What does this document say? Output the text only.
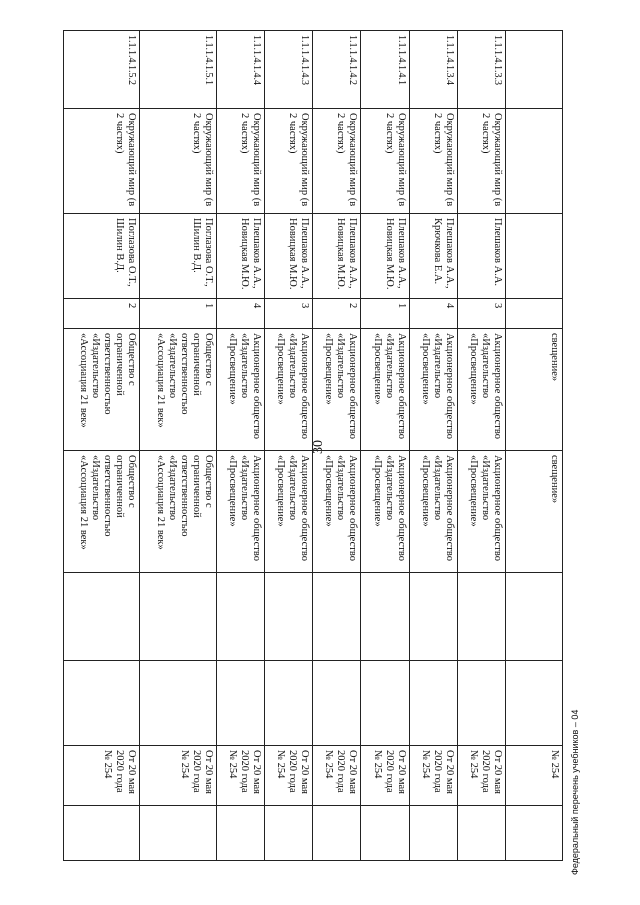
30
				свещение»	свещение»			№ 254	
1.1.1.4.1.3.3	Окружающий мир (в 2 частях)	Плешаков А.А.	3	Акционерное общество «Издательство «Просвещение»	Акционерное общество «Издательство «Просвещение»			От 20 мая 2020 года № 254	
1.1.1.4.1.3.4	Окружающий мир (в 2 частях)	Плешаков А.А., Крючкова Е.А.	4	Акционерное общество «Издательство «Просвещение»	Акционерное общество «Издательство «Просвещение»			От 20 мая 2020 года № 254	
1.1.1.4.1.4.1	Окружающий мир (в 2 частях)	Плешаков А.А., Новицкая М.Ю.	1	Акционерное общество «Издательство «Просвещение»	Акционерное общество «Издательство «Просвещение»			От 20 мая 2020 года № 254	
1.1.1.4.1.4.2	Окружающий мир (в 2 частях)	Плешаков А.А., Новицкая М.Ю.	2	Акционерное общество «Издательство «Просвещение»	Акционерное общество «Издательство «Просвещение»			От 20 мая 2020 года № 254	
1.1.1.4.1.4.3	Окружающий мир (в 2 частях)	Плешаков А.А., Новицкая М.Ю.	3	Акционерное общество «Издательство «Просвещение»	Акционерное общество «Издательство «Просвещение»			От 20 мая 2020 года № 254	
1.1.1.4.1.4.4	Окружающий мир (в 2 частях)	Плешаков А.А., Новицкая М.Ю.	4	Акционерное общество «Издательство «Просвещение»	Акционерное общество «Издательство «Просвещение»			От 20 мая 2020 года № 254	
1.1.1.4.1.5.1	Окружающий мир (в 2 частях)	Поглазова О.Т., Шилин В.Д.	1	Общество с ограниченной ответственностью «Издательство «Ассоциация 21 век»	Общество с ограниченной ответственностью «Издательство «Ассоциация 21 век»			От 20 мая 2020 года № 254	
1.1.1.4.1.5.2	Окружающий мир (в 2 частях)	Поглазова О.Т., Шилин В.Д.	2	Общество с ограниченной ответственностью «Издательство «Ассоциация 21 век»	Общество с ограниченной ответственностью «Издательство «Ассоциация 21 век»			От 20 мая 2020 года № 254		Федеральный перечень учебников – 04
